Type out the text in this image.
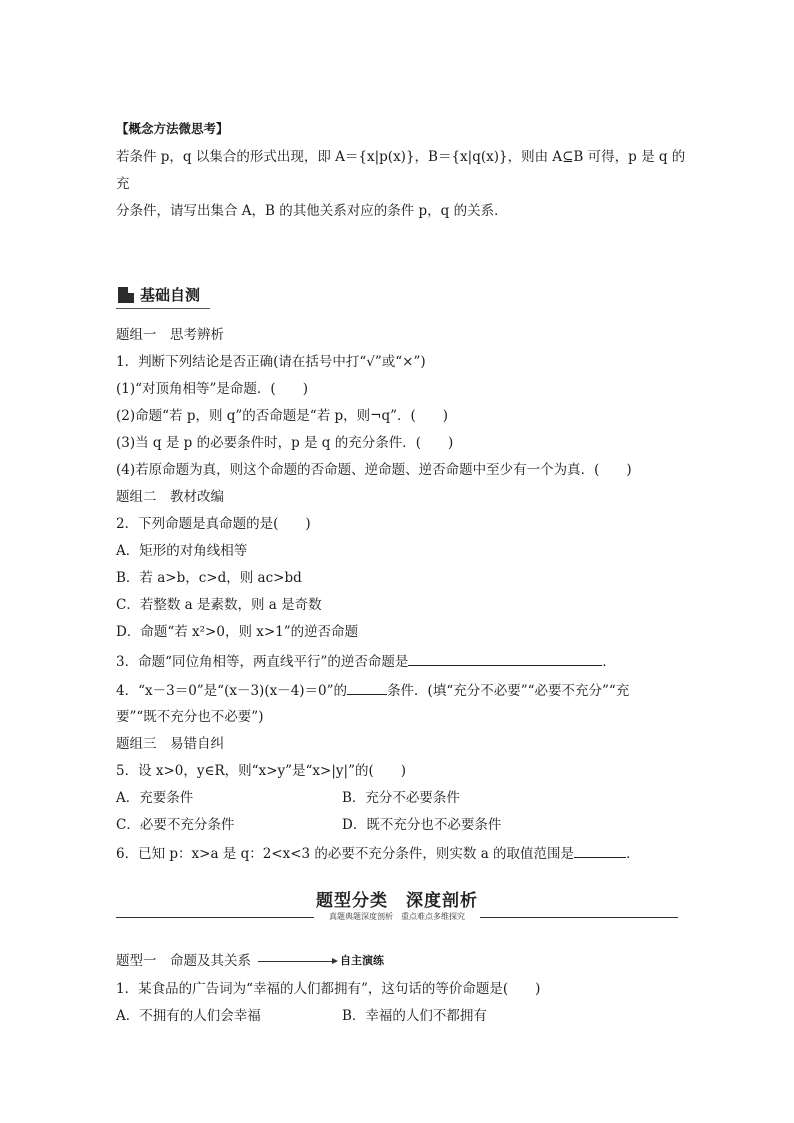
【概念方法微思考】
若条件 p，q 以集合的形式出现，即 A＝{x|p(x)}，B＝{x|q(x)}，则由 A⊆B 可得，p 是 q 的充
分条件，请写出集合 A，B 的其他关系对应的条件 p，q 的关系．
基础自测
题组一　思考辨析
1．判断下列结论是否正确(请在括号中打“√”或“×”)
(1)“对顶角相等”是命题．(　　)
(2)命题“若 p，则 q”的否命题是“若 p，则¬q”．(　　)
(3)当 q 是 p 的必要条件时，p 是 q 的充分条件．(　　)
(4)若原命题为真，则这个命题的否命题、逆命题、逆否命题中至少有一个为真．(　　)
题组二　教材改编
2．下列命题是真命题的是(　　)
A．矩形的对角线相等
B．若 a>b，c>d，则 ac>bd
C．若整数 a 是素数，则 a 是奇数
D．命题“若 x²>0，则 x>1”的逆否命题
3．命题“同位角相等，两直线平行”的逆否命题是	．
4．“x－3＝0”是“(x－3)(x－4)＝0”的	条件．(填“充分不必要”“必要不充分”“充
要”“既不充分也不必要”)
题组三　易错自纠
5．设 x>0，y∈R，则“x>y”是“x>|y|”的(　　)
A．充要条件	B．充分不必要条件
C．必要不充分条件	D．既不充分也不必要条件
6．已知 p：x>a 是 q：2<x<3 的必要不充分条件，则实数 a 的取值范围是	．
题型分类　深度剖析
真题典题深度剖析　重点难点多维探究
题型一　命题及其关系	自主演练
1．某食品的广告词为“幸福的人们都拥有”，这句话的等价命题是(　　)
A．不拥有的人们会幸福	B．幸福的人们不都拥有
